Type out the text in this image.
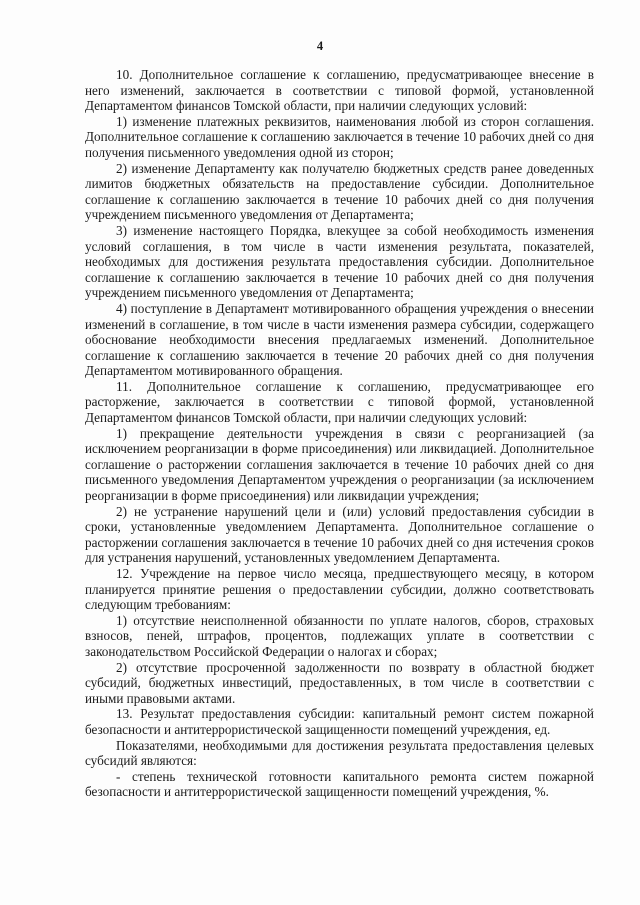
4

10. Дополнительное соглашение к соглашению, предусматривающее внесение в него изменений, заключается в соответствии с типовой формой, установленной Департаментом финансов Томской области, при наличии следующих условий:

1) изменение платежных реквизитов, наименования любой из сторон соглашения. Дополнительное соглашение к соглашению заключается в течение 10 рабочих дней со дня получения письменного уведомления одной из сторон;

2) изменение Департаменту как получателю бюджетных средств ранее доведенных лимитов бюджетных обязательств на предоставление субсидии. Дополнительное соглашение к соглашению заключается в течение 10 рабочих дней со дня получения учреждением письменного уведомления от Департамента;

3) изменение настоящего Порядка, влекущее за собой необходимость изменения условий соглашения, в том числе в части изменения результата, показателей, необходимых для достижения результата предоставления субсидии. Дополнительное соглашение к соглашению заключается в течение 10 рабочих дней со дня получения учреждением письменного уведомления от Департамента;

4) поступление в Департамент мотивированного обращения учреждения о внесении изменений в соглашение, в том числе в части изменения размера субсидии, содержащего обоснование необходимости внесения предлагаемых изменений. Дополнительное соглашение к соглашению заключается в течение 20 рабочих дней со дня получения Департаментом мотивированного обращения.

11. Дополнительное соглашение к соглашению, предусматривающее его расторжение, заключается в соответствии с типовой формой, установленной Департаментом финансов Томской области, при наличии следующих условий:

1) прекращение деятельности учреждения в связи с реорганизацией (за исключением реорганизации в форме присоединения) или ликвидацией. Дополнительное соглашение о расторжении соглашения заключается в течение 10 рабочих дней со дня письменного уведомления Департаментом учреждения о реорганизации (за исключением реорганизации в форме присоединения) или ликвидации учреждения;

2) не устранение нарушений цели и (или) условий предоставления субсидии в сроки, установленные уведомлением Департамента. Дополнительное соглашение о расторжении соглашения заключается в течение 10 рабочих дней со дня истечения сроков для устранения нарушений, установленных уведомлением Департамента.

12. Учреждение на первое число месяца, предшествующего месяцу, в котором планируется принятие решения о предоставлении субсидии, должно соответствовать следующим требованиям:

1) отсутствие неисполненной обязанности по уплате налогов, сборов, страховых взносов, пеней, штрафов, процентов, подлежащих уплате в соответствии с законодательством Российской Федерации о налогах и сборах;

2) отсутствие просроченной задолженности по возврату в областной бюджет субсидий, бюджетных инвестиций, предоставленных, в том числе в соответствии с иными правовыми актами.

13. Результат предоставления субсидии: капитальный ремонт систем пожарной безопасности и антитеррористической защищенности помещений учреждения, ед.

Показателями, необходимыми для достижения результата предоставления целевых субсидий являются:

- степень технической готовности капитального ремонта систем пожарной безопасности и антитеррористической защищенности помещений учреждения, %.
